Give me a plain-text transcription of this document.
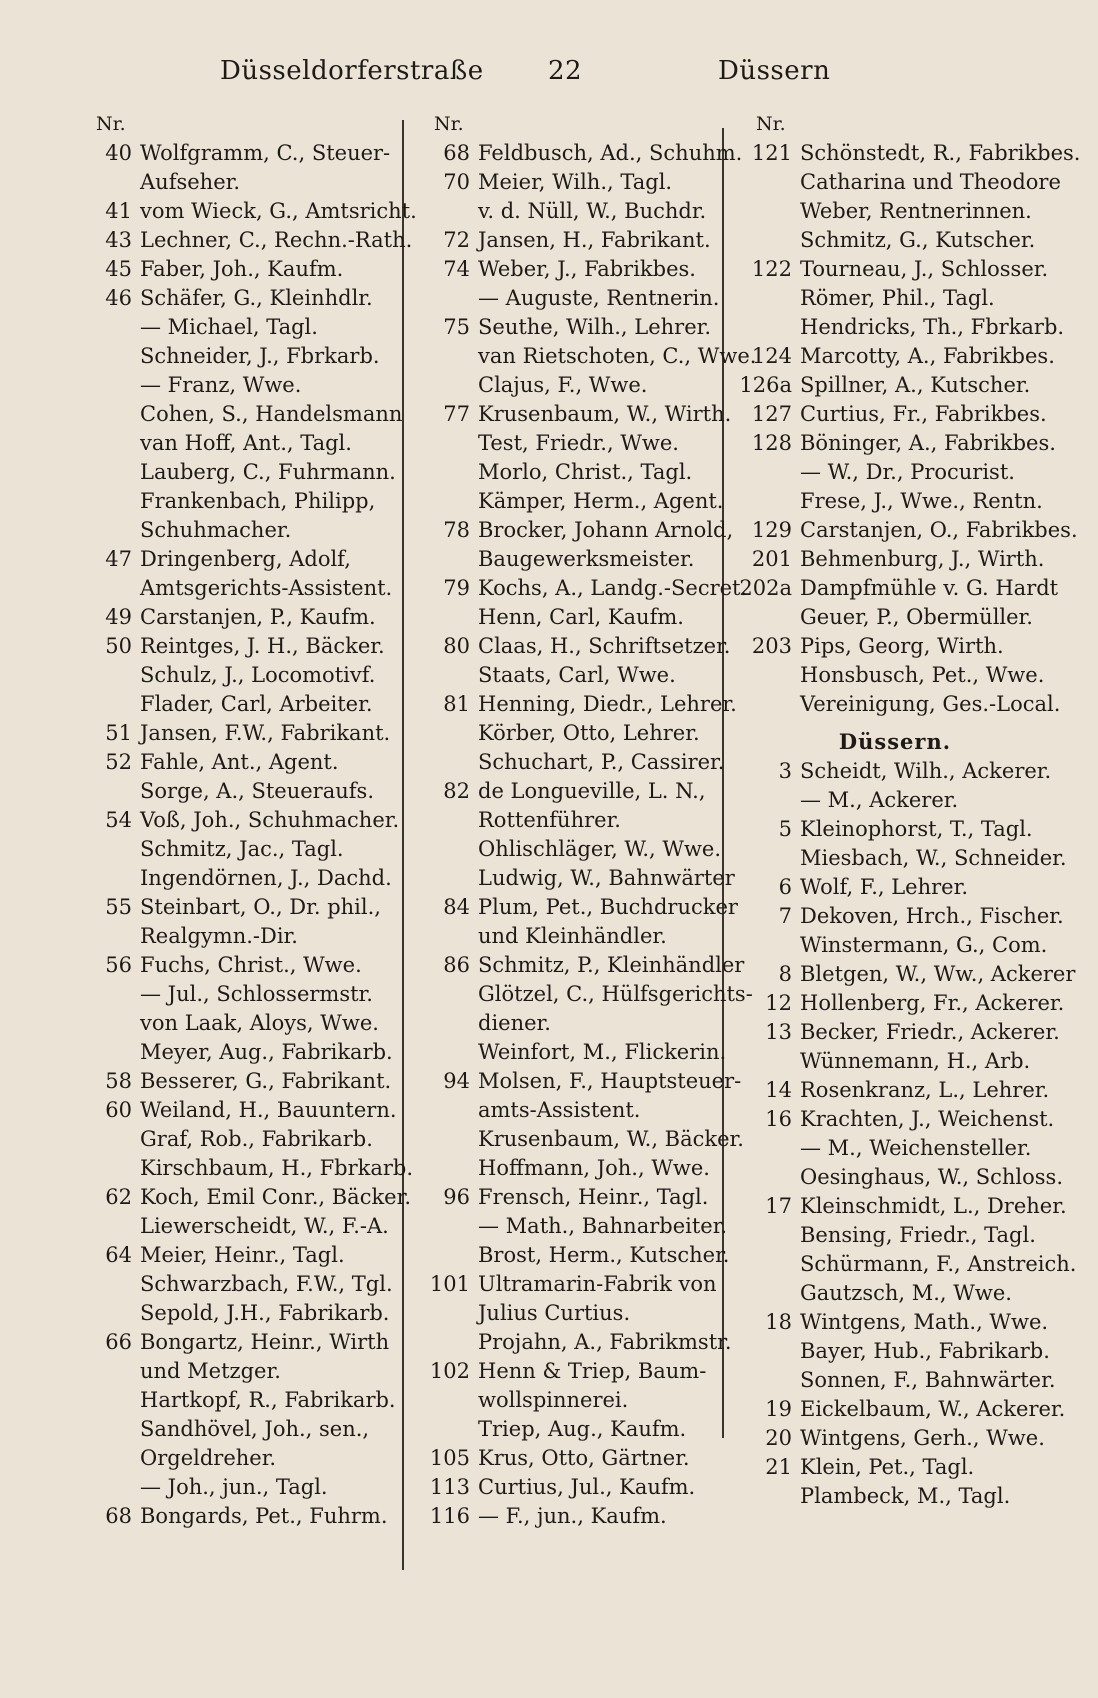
Düsseldorferstraße 22	Düssern
Nr.
40 Wolfgramm, C., Steuer-
Aufseher.
41 vom Wieck, G., Amtsricht.
43 Lechner, C., Rechn.-Rath.
45 Faber, Joh., Kaufm.
46 Schäfer, G., Kleinhdlr.
— Michael, Tagl.
Schneider, J., Fbrkarb.
— Franz, Wwe.
Cohen, S., Handelsmann
van Hoff, Ant., Tagl.
Lauberg, C., Fuhrmann.
Frankenbach, Philipp,
Schuhmacher.
47 Dringenberg, Adolf,
Amtsgerichts-Assistent.
49 Carstanjen, P., Kaufm.
50 Reintges, J. H., Bäcker.
Schulz, J., Locomotivf.
Flader, Carl, Arbeiter.
51 Jansen, F.W., Fabrikant.
52 Fahle, Ant., Agent.
Sorge, A., Steueraufs.
54 Voß, Joh., Schuhmacher.
Schmitz, Jac., Tagl.
Ingendörnen, J., Dachd.
55 Steinbart, O., Dr. phil.,
Realgymn.-Dir.
56 Fuchs, Christ., Wwe.
— Jul., Schlossermstr.
von Laak, Aloys, Wwe.
Meyer, Aug., Fabrikarb.
58 Besserer, G., Fabrikant.
60 Weiland, H., Bauuntern.
Graf, Rob., Fabrikarb.
Kirschbaum, H., Fbrkarb.
62 Koch, Emil Conr., Bäcker.
Liewerscheidt, W., F.-A.
64 Meier, Heinr., Tagl.
Schwarzbach, F.W., Tgl.
Sepold, J.H., Fabrikarb.
66 Bongartz, Heinr., Wirth
und Metzger.
Hartkopf, R., Fabrikarb.
Sandhövel, Joh., sen.,
Orgeldreher.
— Joh., jun., Tagl.
68 Bongards, Pet., Fuhrm.
Nr.
68 Feldbusch, Ad., Schuhm.
70 Meier, Wilh., Tagl.
v. d. Nüll, W., Buchdr.
72 Jansen, H., Fabrikant.
74 Weber, J., Fabrikbes.
— Auguste, Rentnerin.
75 Seuthe, Wilh., Lehrer.
van Rietschoten, C., Wwe.
Clajus, F., Wwe.
77 Krusenbaum, W., Wirth.
Test, Friedr., Wwe.
Morlo, Christ., Tagl.
Kämper, Herm., Agent.
78 Brocker, Johann Arnold,
Baugewerksmeister.
79 Kochs, A., Landg.-Secret.
Henn, Carl, Kaufm.
80 Claas, H., Schriftsetzer.
Staats, Carl, Wwe.
81 Henning, Diedr., Lehrer.
Körber, Otto, Lehrer.
Schuchart, P., Cassirer.
82 de Longueville, L. N.,
Rottenführer.
Ohlischläger, W., Wwe.
Ludwig, W., Bahnwärter
84 Plum, Pet., Buchdrucker
und Kleinhändler.
86 Schmitz, P., Kleinhändler
Glötzel, C., Hülfsgerichts-
diener.
Weinfort, M., Flickerin.
94 Molsen, F., Hauptsteuer-
amts-Assistent.
Krusenbaum, W., Bäcker.
Hoffmann, Joh., Wwe.
96 Frensch, Heinr., Tagl.
— Math., Bahnarbeiter.
Brost, Herm., Kutscher.
101 Ultramarin-Fabrik von
Julius Curtius.
Projahn, A., Fabrikmstr.
102 Henn & Triep, Baum-
wollspinnerei.
Triep, Aug., Kaufm.
105 Krus, Otto, Gärtner.
113 Curtius, Jul., Kaufm.
116 — F., jun., Kaufm.
Nr.
121 Schönstedt, R., Fabrikbes.
Catharina und Theodore
Weber, Rentnerinnen.
Schmitz, G., Kutscher.
122 Tourneau, J., Schlosser.
Römer, Phil., Tagl.
Hendricks, Th., Fbrkarb.
124 Marcotty, A., Fabrikbes.
126a Spillner, A., Kutscher.
127 Curtius, Fr., Fabrikbes.
128 Böninger, A., Fabrikbes.
— W., Dr., Procurist.
Frese, J., Wwe., Rentn.
129 Carstanjen, O., Fabrikbes.
201 Behmenburg, J., Wirth.
202a Dampfmühle v. G. Hardt
Geuer, P., Obermüller.
203 Pips, Georg, Wirth.
Honsbusch, Pet., Wwe.
Vereinigung, Ges.-Local.
Düssern.
3 Scheidt, Wilh., Ackerer.
— M., Ackerer.
5 Kleinophorst, T., Tagl.
Miesbach, W., Schneider.
6 Wolf, F., Lehrer.
7 Dekoven, Hrch., Fischer.
Winstermann, G., Com.
8 Bletgen, W., Ww., Ackerer
12 Hollenberg, Fr., Ackerer.
13 Becker, Friedr., Ackerer.
Wünnemann, H., Arb.
14 Rosenkranz, L., Lehrer.
16 Krachten, J., Weichenst.
— M., Weichensteller.
Oesinghaus, W., Schloss.
17 Kleinschmidt, L., Dreher.
Bensing, Friedr., Tagl.
Schürmann, F., Anstreich.
Gautzsch, M., Wwe.
18 Wintgens, Math., Wwe.
Bayer, Hub., Fabrikarb.
Sonnen, F., Bahnwärter.
19 Eickelbaum, W., Ackerer.
20 Wintgens, Gerh., Wwe.
21 Klein, Pet., Tagl.
Plambeck, M., Tagl.
